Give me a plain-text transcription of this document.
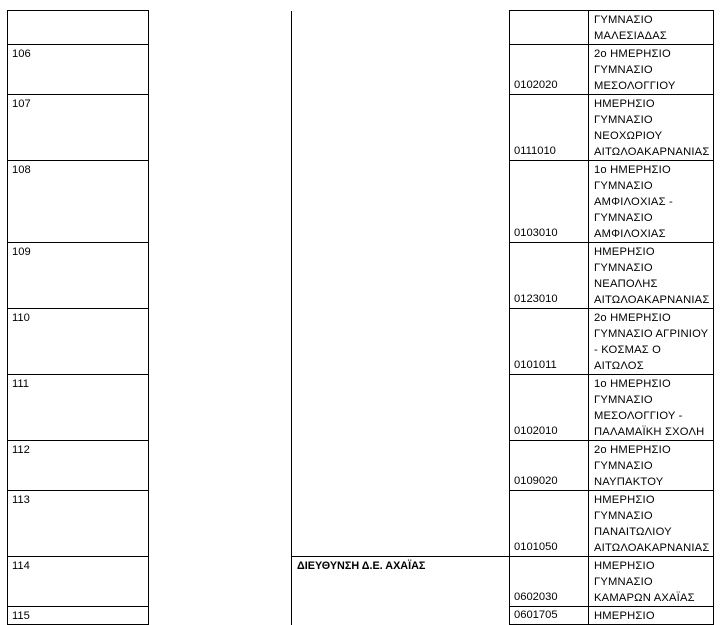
				ΓΥΜΝΑΣΙΟ
ΜΑΛΕΣΙΑΔΑΣ
106			0102020	2ο ΗΜΕΡΗΣΙΟ
ΓΥΜΝΑΣΙΟ
ΜΕΣΟΛΟΓΓΙΟΥ
107			0111010	ΗΜΕΡΗΣΙΟ
ΓΥΜΝΑΣΙΟ
ΝΕΟΧΩΡΙΟΥ
ΑΙΤΩΛΟΑΚΑΡΝΑΝΙΑΣ
108			0103010	1ο ΗΜΕΡΗΣΙΟ
ΓΥΜΝΑΣΙΟ
ΑΜΦΙΛΟΧΙΑΣ -
ΓΥΜΝΑΣΙΟ
ΑΜΦΙΛΟΧΙΑΣ
109			0123010	ΗΜΕΡΗΣΙΟ
ΓΥΜΝΑΣΙΟ
ΝΕΑΠΟΛΗΣ
ΑΙΤΩΛΟΑΚΑΡΝΑΝΙΑΣ
110			0101011	2ο ΗΜΕΡΗΣΙΟ
ΓΥΜΝΑΣΙΟ ΑΓΡΙΝΙΟΥ
- ΚΟΣΜΑΣ Ο
ΑΙΤΩΛΟΣ
111			0102010	1ο ΗΜΕΡΗΣΙΟ
ΓΥΜΝΑΣΙΟ
ΜΕΣΟΛΟΓΓΙΟΥ -
ΠΑΛΑΜΑΪΚΗ ΣΧΟΛΗ
112			0109020	2ο ΗΜΕΡΗΣΙΟ
ΓΥΜΝΑΣΙΟ
ΝΑΥΠΑΚΤΟΥ
113			0101050	ΗΜΕΡΗΣΙΟ
ΓΥΜΝΑΣΙΟ
ΠΑΝΑΙΤΩΛΙΟΥ
ΑΙΤΩΛΟΑΚΑΡΝΑΝΙΑΣ
114		ΔΙΕΥΘΥΝΣΗ Δ.Ε. ΑΧΑΪΑΣ	0602030	ΗΜΕΡΗΣΙΟ
ΓΥΜΝΑΣΙΟ
ΚΑΜΑΡΩΝ ΑΧΑΪΑΣ
115			0601705	ΗΜΕΡΗΣΙΟ
